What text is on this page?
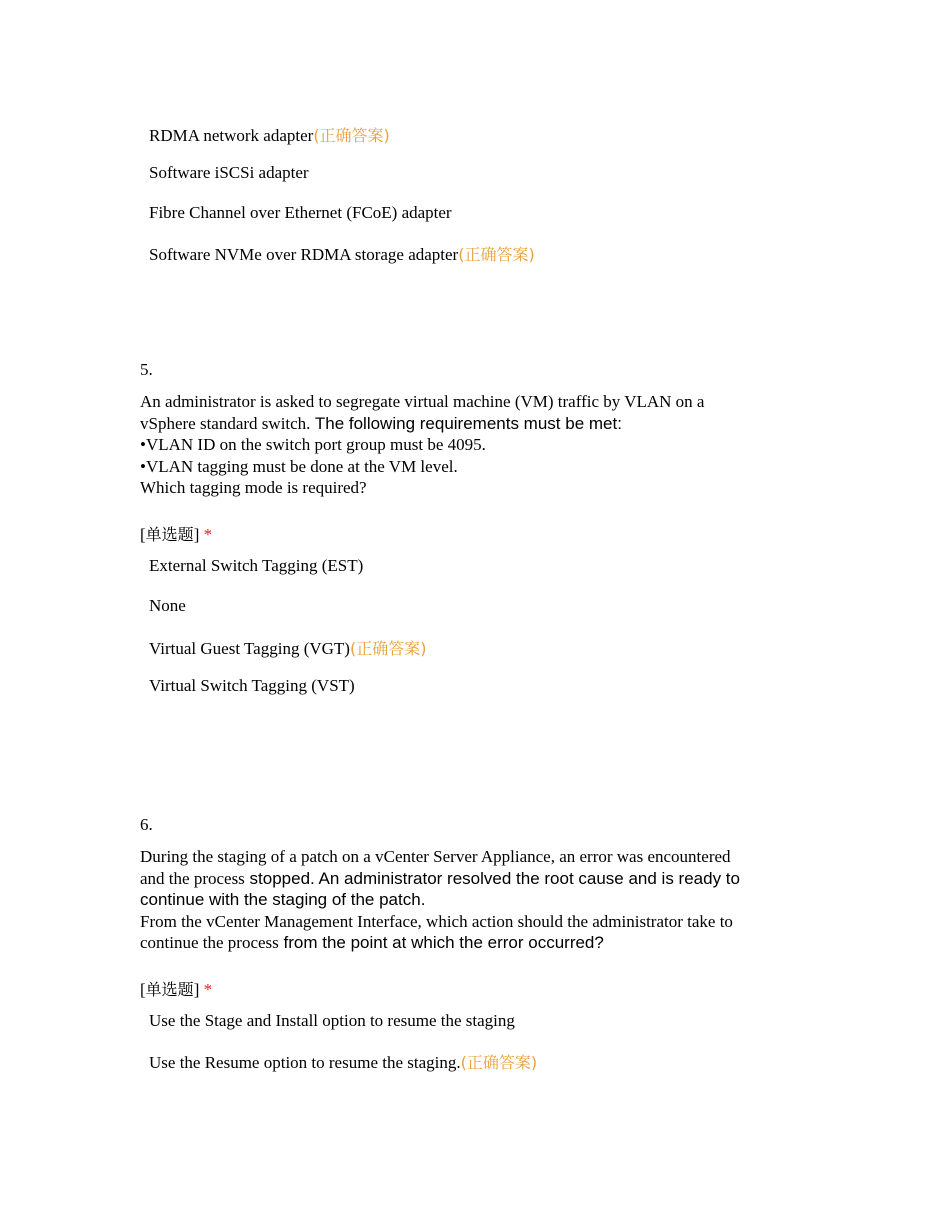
RDMA network adapter(正确答案)
Software iSCSi adapter
Fibre Channel over Ethernet (FCoE) adapter
Software NVMe over RDMA storage adapter(正确答案)
5.
An administrator is asked to segregate virtual machine (VM) traffic by VLAN on a
vSphere standard switch. The following requirements must be met:
•VLAN ID on the switch port group must be 4095.
•VLAN tagging must be done at the VM level.
Which tagging mode is required?
[单选题] *
External Switch Tagging (EST)
None
Virtual Guest Tagging (VGT)(正确答案)
Virtual Switch Tagging (VST)
6.
During the staging of a patch on a vCenter Server Appliance, an error was encountered
and the process stopped. An administrator resolved the root cause and is ready to
continue with the staging of the patch.
From the vCenter Management Interface, which action should the administrator take to
continue the process from the point at which the error occurred?
[单选题] *
Use the Stage and Install option to resume the staging
Use the Resume option to resume the staging.(正确答案)
